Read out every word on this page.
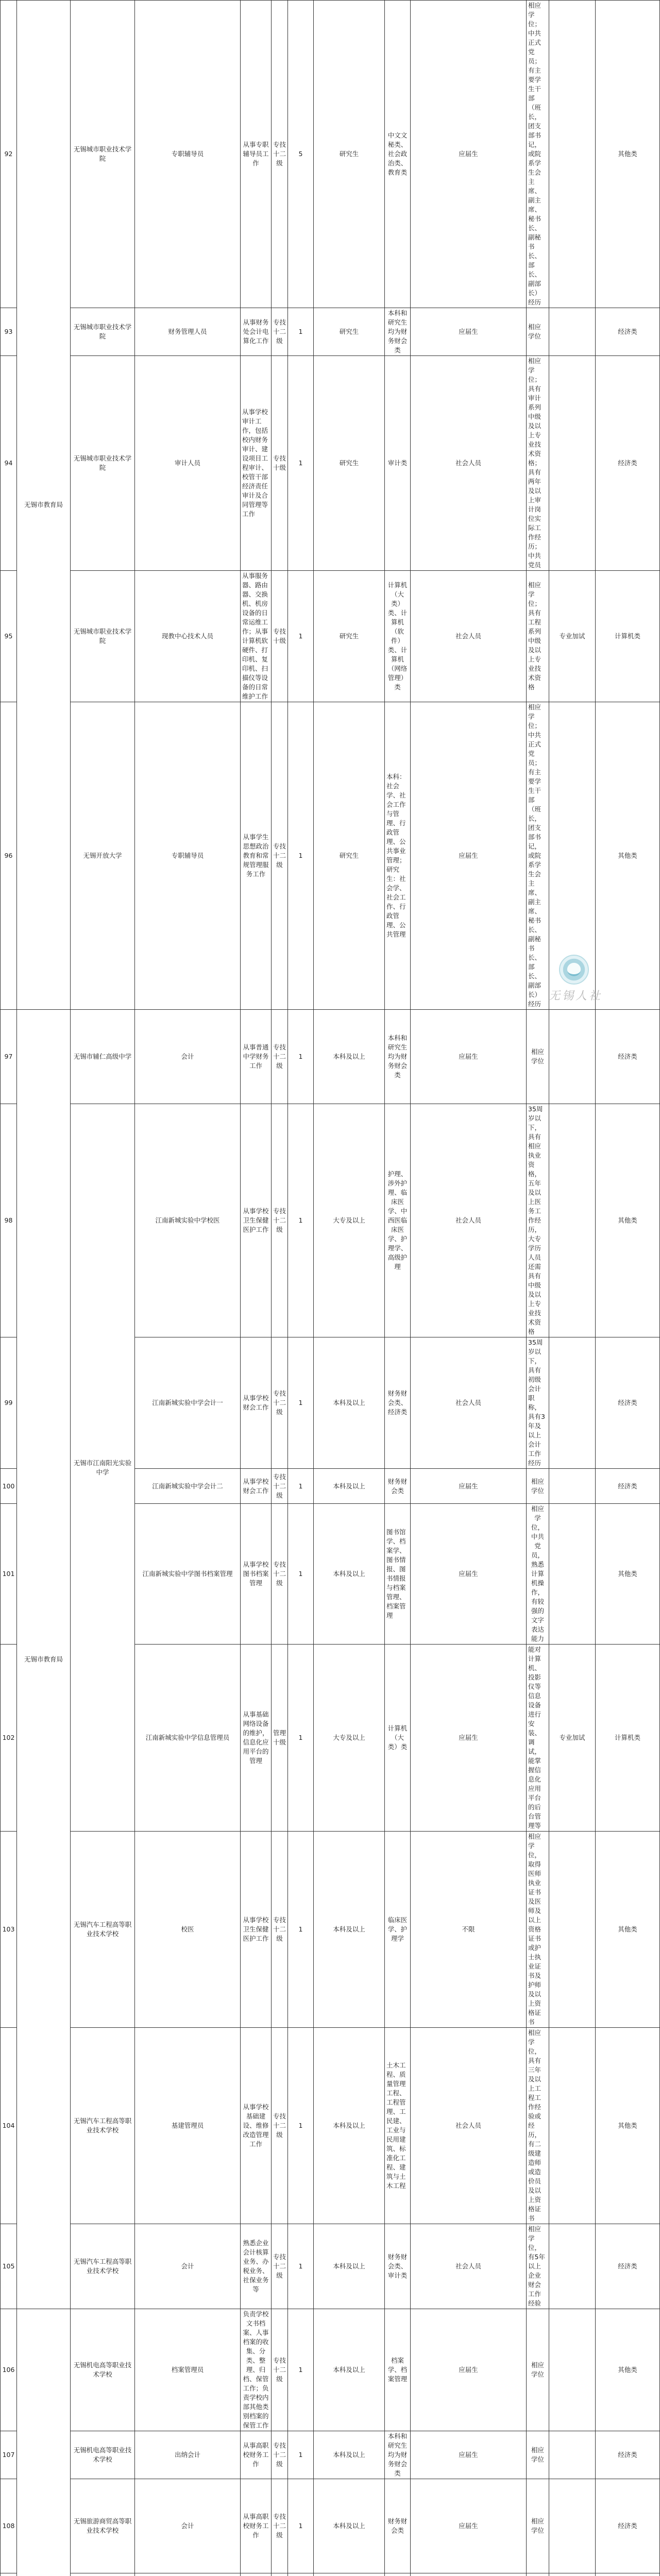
92	无锡市教育局	无锡城市职业技术学院	专职辅导员	从事专职辅导员工作	专技十二级	5	研究生	中文文秘类、社会政治类、教育类	应届生	相应学位；中共正式党员；有主要学生干部（班长，团支部书记，或院系学生会主席、副主席、秘书长、副秘书长、部长、副部长）经历		其他类	
93		无锡城市职业技术学院	财务管理人员	从事财务处会计电算化工作	专技十二级	1	研究生	本科和研究生均为财务财会类	应届生	相应学位		经济类	
94		无锡城市职业技术学院	审计人员	从事学校审计工作，包括校内财务审计、建设项目工程审计、校管干部经济责任审计及合同管理等工作	专技十级	1	研究生	审计类	社会人员	相应学位；具有审计系列中级及以上专业技术资格；具有两年及以上审计岗位实际工作经历；中共党员		经济类	
95		无锡城市职业技术学院	现教中心技术人员	从事服务器、路由器、交换机、机房设备的日常运维工作；从事计算机软硬件、打印机、复印机、扫描仪等设备的日常维护工作	专技十级	1	研究生	计算机（大类）类、计算机（软件）类、计算机（网络管理）类	社会人员	相应学位；具有工程系列中级及以上专业技术资格	专业加试	计算机类	
96		无锡开放大学	专职辅导员	从事学生思想政治教育和常规管理服务工作	专技十二级	1	研究生	本科：社会学、社会工作与管理、行政管理、公共事业管理；研究生：社会学、社会工作、行政管理、公共管理	应届生	相应学位；中共正式党员；有主要学生干部（班长，团支部书记，或院系学生会主席、副主席、秘书长、副秘书长、部长、副部长）经历		其他类	
97	无锡市教育局	无锡市辅仁高级中学	会计	从事普通中学财务工作	专技十二级	1	本科及以上	本科和研究生均为财务财会类	应届生	相应学位		经济类	
98		无锡市江南阳光实验中学	江南新城实验中学校医	从事学校卫生保健医护工作	专技十二级	1	大专及以上	护理、涉外护理、临床医学、中西医临床医学、护理学、高级护理	社会人员	35周岁以下，具有相应执业资格，五年及以上医务工作经历，大专学历人员还需具有中级及以上专业技术资格		其他类	
99			江南新城实验中学会计一	从事学校财会工作	专技十二级	1	本科及以上	财务财会类、经济类	社会人员	35周岁以下，具有初级会计职称，具有3年及以上会计工作经历		经济类	
100			江南新城实验中学会计二	从事学校财会工作	专技十二级	1	本科及以上	财务财会类	应届生	相应学位		经济类	
101			江南新城实验中学图书档案管理	从事学校图书档案管理	专技十二级	1	本科及以上	图书馆学、档案学、图书情报、图书情报与档案管理、档案管理	应届生	相应学位，中共党员，熟悉计算机操作，有较强的文字表达能力		其他类	
102			江南新城实验中学信息管理员	从事基础网络设备的维护，信息化应用平台的管理	管理十级	1	大专及以上	计算机（大类）类	应届生	能对计算机、投影仪等信息设备进行安装、调试，能掌握信息化应用平台的后台管理等	专业加试	计算机类	
103		无锡汽车工程高等职业技术学校	校医	从事学校卫生保健医护工作	专技十二级	1	本科及以上	临床医学、护理学	不限	相应学位，取得医师执业证书及医师及以上资格证书或护士执业证书及护师及以上资格证书		其他类	
104		无锡汽车工程高等职业技术学校	基建管理员	从事学校基础建设、维修改造管理工作	专技十二级	1	本科及以上	土木工程、质量管理工程、工程管理、工民建、工业与民用建筑、标准化工程、建筑与土木工程	社会人员	相应学位，具有三年及以上工程工作经验或经历，有二级建造师或造价员及以上资格证书		其他类	
105		无锡汽车工程高等职业技术学校	会计	熟悉企业会计核算业务、办税业务、社保业务等	专技十二级	1	本科及以上	财务财会类、审计类	社会人员	相应学位，有5年以上企业财会工作经验		经济类	
106		无锡机电高等职业技术学校	档案管理员	负责学校文书档案、人事档案的收集、分类、整理、归档、保管工作；负责学校内部其他类别档案的保管工作	专技十二级	1	本科及以上	档案学、档案管理	应届生	相应学位		其他类	
107		无锡机电高等职业技术学校	出纳会计	从事高职校财务工作	专技十二级	1	本科及以上	本科和研究生均为财务财会类	应届生	相应学位		经济类	
108		无锡旅游商贸高等职业技术学校	会计	从事高职校财务工作	专技十二级	1	本科及以上	财务财会类	应届生	相应学位		经济类	

无锡人社
